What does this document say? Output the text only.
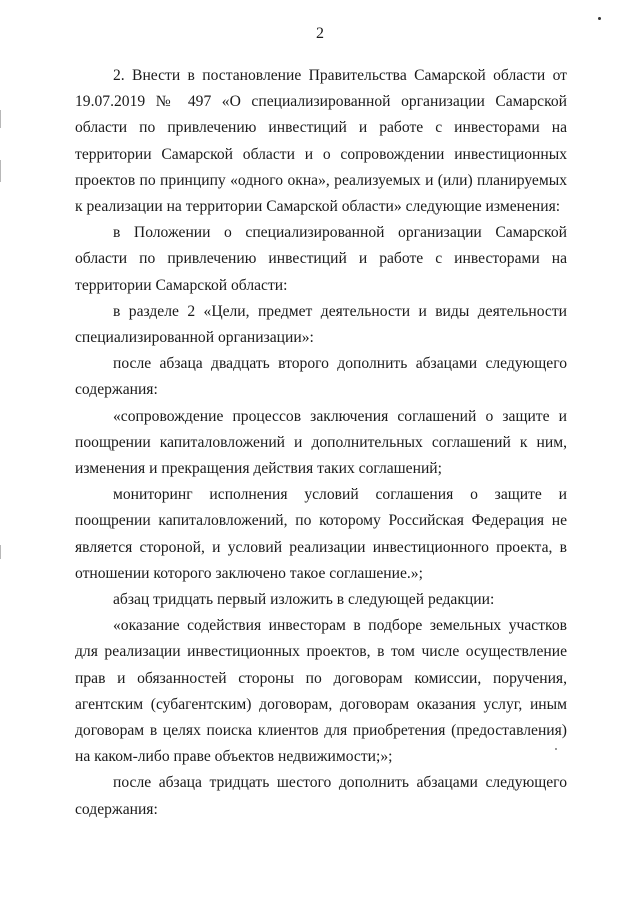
2

2. Внести в постановление Правительства Самарской области от 19.07.2019 № 497 «О специализированной организации Самарской области по привлечению инвестиций и работе с инвесторами на территории Самарской области и о сопровождении инвестиционных проектов по принципу «одного окна», реализуемых и (или) планируемых к реализации на территории Самарской области» следующие изменения:

в Положении о специализированной организации Самарской области по привлечению инвестиций и работе с инвесторами на территории Самарской области:

в разделе 2 «Цели, предмет деятельности и виды деятельности специализированной организации»:

после абзаца двадцать второго дополнить абзацами следующего содержания:

«сопровождение процессов заключения соглашений о защите и поощрении капиталовложений и дополнительных соглашений к ним, изменения и прекращения действия таких соглашений;

мониторинг исполнения условий соглашения о защите и поощрении капиталовложений, по которому Российская Федерация не является стороной, и условий реализации инвестиционного проекта, в отношении которого заключено такое соглашение.»;

абзац тридцать первый изложить в следующей редакции:

«оказание содействия инвесторам в подборе земельных участков для реализации инвестиционных проектов, в том числе осуществление прав и обязанностей стороны по договорам комиссии, поручения, агентским (субагентским) договорам, договорам оказания услуг, иным договорам в целях поиска клиентов для приобретения (предоставления) на каком-либо праве объектов недвижимости;»;

после абзаца тридцать шестого дополнить абзацами следующего содержания:
